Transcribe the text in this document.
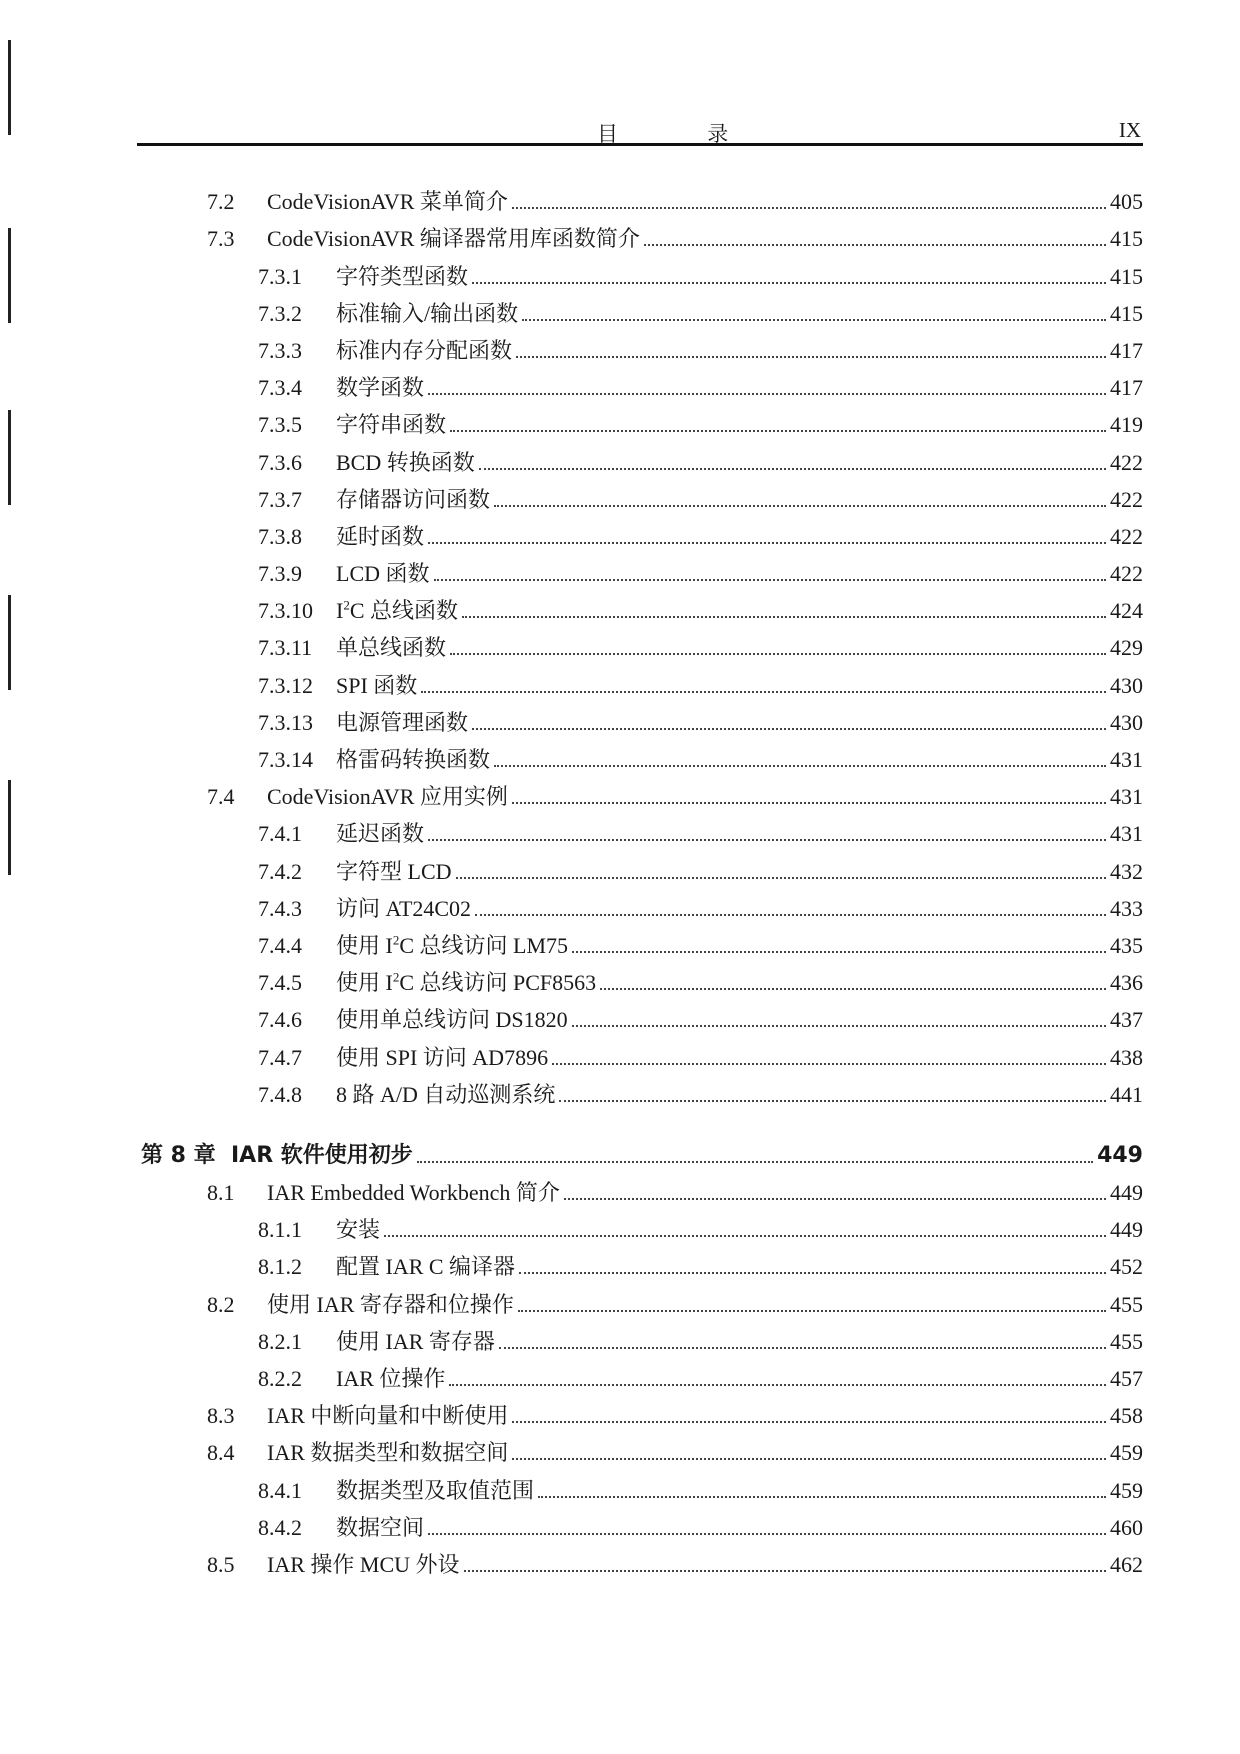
目 录	IX
7.2	CodeVisionAVR 菜单简介	405
7.3	CodeVisionAVR 编译器常用库函数简介	415
7.3.1	字符类型函数	415
7.3.2	标准输入/输出函数	415
7.3.3	标准内存分配函数	417
7.3.4	数学函数	417
7.3.5	字符串函数	419
7.3.6	BCD 转换函数	422
7.3.7	存储器访问函数	422
7.3.8	延时函数	422
7.3.9	LCD 函数	422
7.3.10	$I^2C$ 总线函数	424
7.3.11	单总线函数	429
7.3.12	SPI 函数	430
7.3.13	电源管理函数	430
7.3.14	格雷码转换函数	431
7.4	CodeVisionAVR 应用实例	431
7.4.1	延迟函数	431
7.4.2	字符型 LCD	432
7.4.3	访问 AT24C02	433
7.4.4	使用 $I^2C$ 总线访问 LM75	435
7.4.5	使用 $I^2C$ 总线访问 PCF8563	436
7.4.6	使用单总线访问 DS1820	437
7.4.7	使用 SPI 访问 AD7896	438
7.4.8	8 路 A/D 自动巡测系统	441
第 8 章 IAR 软件使用初步	449
8.1	IAR Embedded Workbench 简介	449
8.1.1	安装	449
8.1.2	配置 IAR C 编译器	452
8.2	使用 IAR 寄存器和位操作	455
8.2.1	使用 IAR 寄存器	455
8.2.2	IAR 位操作	457
8.3	IAR 中断向量和中断使用	458
8.4	IAR 数据类型和数据空间	459
8.4.1	数据类型及取值范围	459
8.4.2	数据空间	460
8.5	IAR 操作 MCU 外设	462
